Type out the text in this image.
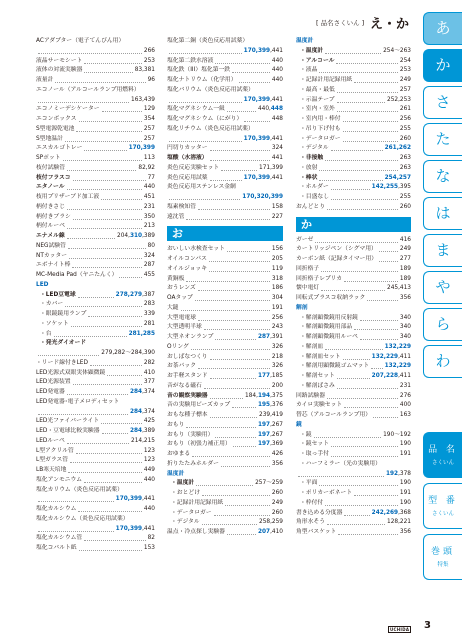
[ 品名さくいん ] え・か
ACアダプター（電子てんびん用）
266
液晶サーモシート	253
液体の対流実験器	83,381
液量計	96
エコノール（アルコールランプ用燃料）
163,439
エコノミーデシケーター	129
エコンボックス	354
S型電源乾電池	257
S型地温計	257
エスカルゴトレー	170,399
SPポット	113
枝付試験管	82,92
枝付フラスコ	77
エタノール	440
枝用プリザーブド加工液	451
柄付きさじ	231
柄付きブラシ	350
柄付ルーペ	213
エナメル線	204,310,389
NEG試験管	80
NTカッター	324
エボナイト棒	287
MC-Media Pad（ヤニたんく）	455
LED
・LED豆電球	278,279,387
・カバー	283
・眼鏡鏡用ランプ	339
・ソケット	281
・台	281,285
・発光ダイオード
279,282〜284,390
・リード線付きLED	282
LED光源式双眼実体顕微鏡	410
LED光源装置	377
LED発電器	284,374
LED発電器･電子メロディセット
284,374
LED光ファイバーライト	425
LED・豆電球比較実験器	284,389
LEDルーペ	214,215
L型アクリル管	123
L型ガラス管	123
LB寒天培地	449
塩化アンモニウム	440
塩化カリウム（炎色反応用試薬）
170,399,441
塩化カルシウム	440
塩化カルシウム（炎色反応用試薬）
170,399,441
塩化カルシウム管	82
塩化コバルト紙	153
塩化第二銅（炎色反応用試薬）
170,399,441
塩化第二鉄水溶液	440
塩化鉄（III）塩化第一鉄	440
塩化ナトリウム（化学用）	440
塩化バリウム（炎色反応用試薬）
170,399,441
塩化マグネシウム一級	440,448
塩化マグネシウム（にがり）	448
塩化リチウム（炎色反応用試薬）
170,399,441
円切りカッター	324
塩酸（水溶液）	441
炎色反応実験セット	171,399
炎色反応用試薬	170,399,441
炎色反応用ステンレス金網
170,320,399
塩素検知管	158
遠沈管	227
お
おいしい水検査セット	156
オイルコンパス	205
オイルジョッキ	119
黄銅板	318
おうレンズ	186
OAタップ	304
大鎚	191
大型電電球	256
大型透明半球	243
大型ネオンランプ	287,391
Oリング	326
おしばなつくり	218
お茶パック	326
お手軽スタンド	177,185
音がなる磁石	200
音の観察実験器	184,194,375
音の実験用ビーズカップ	195,376
おもな種子標本	239,419
おもり	197,267
おもり（実験用）	197,267
おもり（初張力補正用）	197,369
おゆまる	426
折りたたみホルダー	356
温度計
・温度計	257〜259
・おとどけ	260
・記録計用記録用紙	249
・データロガー	260
・デジタル	258,259
温点・冷点探し実験器	207,410
温度計
・温度計	254〜263
・アルコール	254
・液晶	253
・記録計用記録用紙	249
・最高・最低	257
・示温テープ	252,253
・室内・室外	261
・室内用・棒付	256
・吊り下げ付も	255
・データロガー	260
・デジタル	261,262
・非接触	263
・放射	263
・棒状	254,257
・ホルダー	142,255,395
・目盛なし	255
おんどとり	260
か
ガーゼ	416
カートリッジペン（シグマ用）	249
カーボン紙（記録タイマー用）	277
回折格子	189
回折格子レプリカ	189
懐中電灯	245,413
回転式プラスコ収納ラック	356
解剖
・解剖顕微鏡用反射鏡	340
・解剖顕微鏡用部品	340
・解剖顕微鏡用ルーペ	340
・解剖皿	132,229
・解剖皿セット	132,229,411
・解剖用顕微鏡ゴムマット	132,229
・解剖セット	207,228,411
・解剖ばさみ	231
回路試験器	276
カイロ実験セット	400
替芯（アルコールランプ用）	163
鏡
・鏡	190〜192
・鏡セット	190
・取っ手付	191
・ハーフミラー（光の実験用）
192,378
・平面	190
・ポリカーボネート	191
・枠付付	190
書き込める分度器	242,269,368
角形水そう	128,221
角型バスケット	356
あ
か
さ
た
な
は
ま
や
ら
わ
品 名
さくいん
型 番
さくいん
巻頭
特集
UCHIDA 3
